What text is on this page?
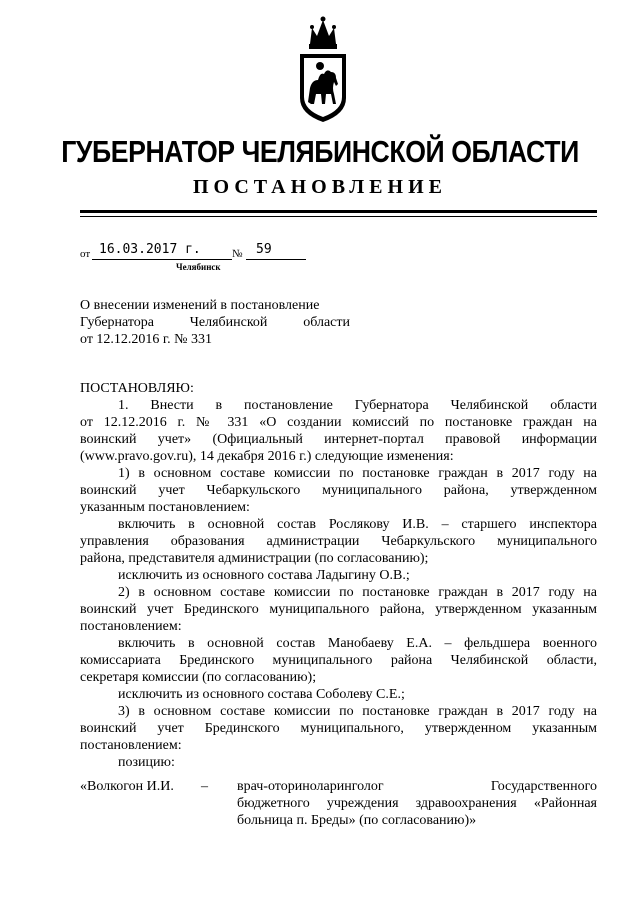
ГУБЕРНАТОР ЧЕЛЯБИНСКОЙ ОБЛАСТИ
ПОСТАНОВЛЕНИЕ
от 16.03.2017 г.	№ 59
Челябинск
О внесении изменений в постановление
Губернатора      Челябинской      области
от 12.12.2016 г. № 331
ПОСТАНОВЛЯЮ:
1.   Внести   в   постановление   Губернатора   Челябинской   области
от 12.12.2016 г. № 331 «О создании комиссий по постановке граждан на
воинский учет» (Официальный интернет-портал правовой информации
(www.pravo.gov.ru), 14 декабря 2016 г.) следующие изменения:
1) в основном составе комиссии по постановке граждан в 2017 году на
воинский учет Чебаркульского муниципального района, утвержденном
указанным постановлением:
включить в основной состав Рослякову И.В. – старшего инспектора
управления образования администрации Чебаркульского муниципального
района, представителя администрации (по согласованию);
исключить из основного состава Ладыгину О.В.;
2) в основном составе комиссии по постановке граждан в 2017 году на
воинский учет Брединского муниципального района, утвержденном указанным
постановлением:
включить в основной состав Манобаеву Е.А. – фельдшера военного
комиссариата Брединского муниципального района Челябинской области,
секретаря комиссии (по согласованию);
исключить из основного состава Соболеву С.Е.;
3) в основном составе комиссии по постановке граждан в 2017 году на
воинский учет Брединского муниципального, утвержденном указанным
постановлением:
позицию:
«Волкогон И.И. – врач-оториноларинголог                  Государственного
бюджетного учреждения здравоохранения «Районная
больница п. Бреды» (по согласованию)»
